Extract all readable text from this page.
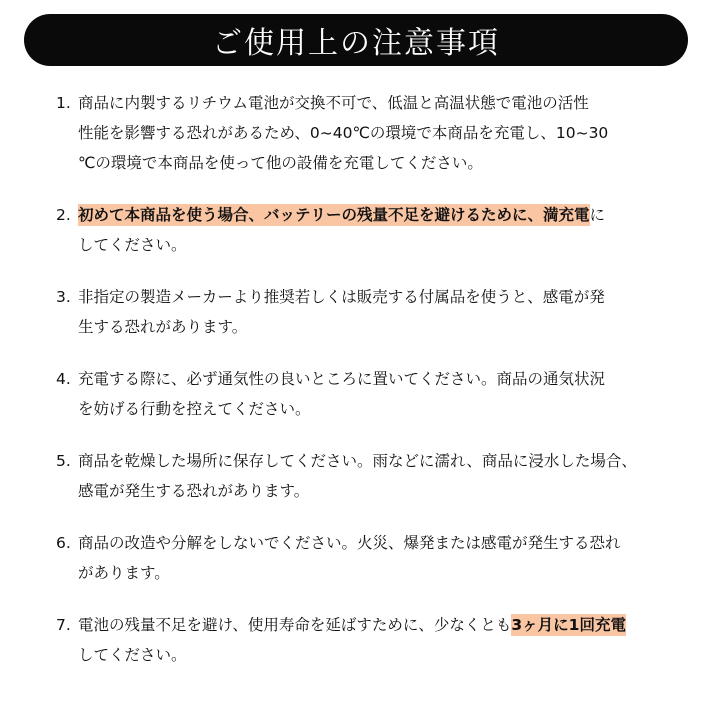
ご使用上の注意事項
1. 商品に内製するリチウム電池が交換不可で、低温と高温状態で電池の活性
性能を影響する恐れがあるため、0~40℃の環境で本商品を充電し、10~30
℃の環境で本商品を使って他の設備を充電してください。
2. 初めて本商品を使う場合、バッテリーの残量不足を避けるために、満充電に
してください。
3. 非指定の製造メーカーより推奨若しくは販売する付属品を使うと、感電が発
生する恐れがあります。
4. 充電する際に、必ず通気性の良いところに置いてください。商品の通気状況
を妨げる行動を控えてください。
5. 商品を乾燥した場所に保存してください。雨などに濡れ、商品に浸水した場合、
感電が発生する恐れがあります。
6. 商品の改造や分解をしないでください。火災、爆発または感電が発生する恐れ
があります。
7. 電池の残量不足を避け、使用寿命を延ばすために、少なくとも3ヶ月に1回充電
してください。
